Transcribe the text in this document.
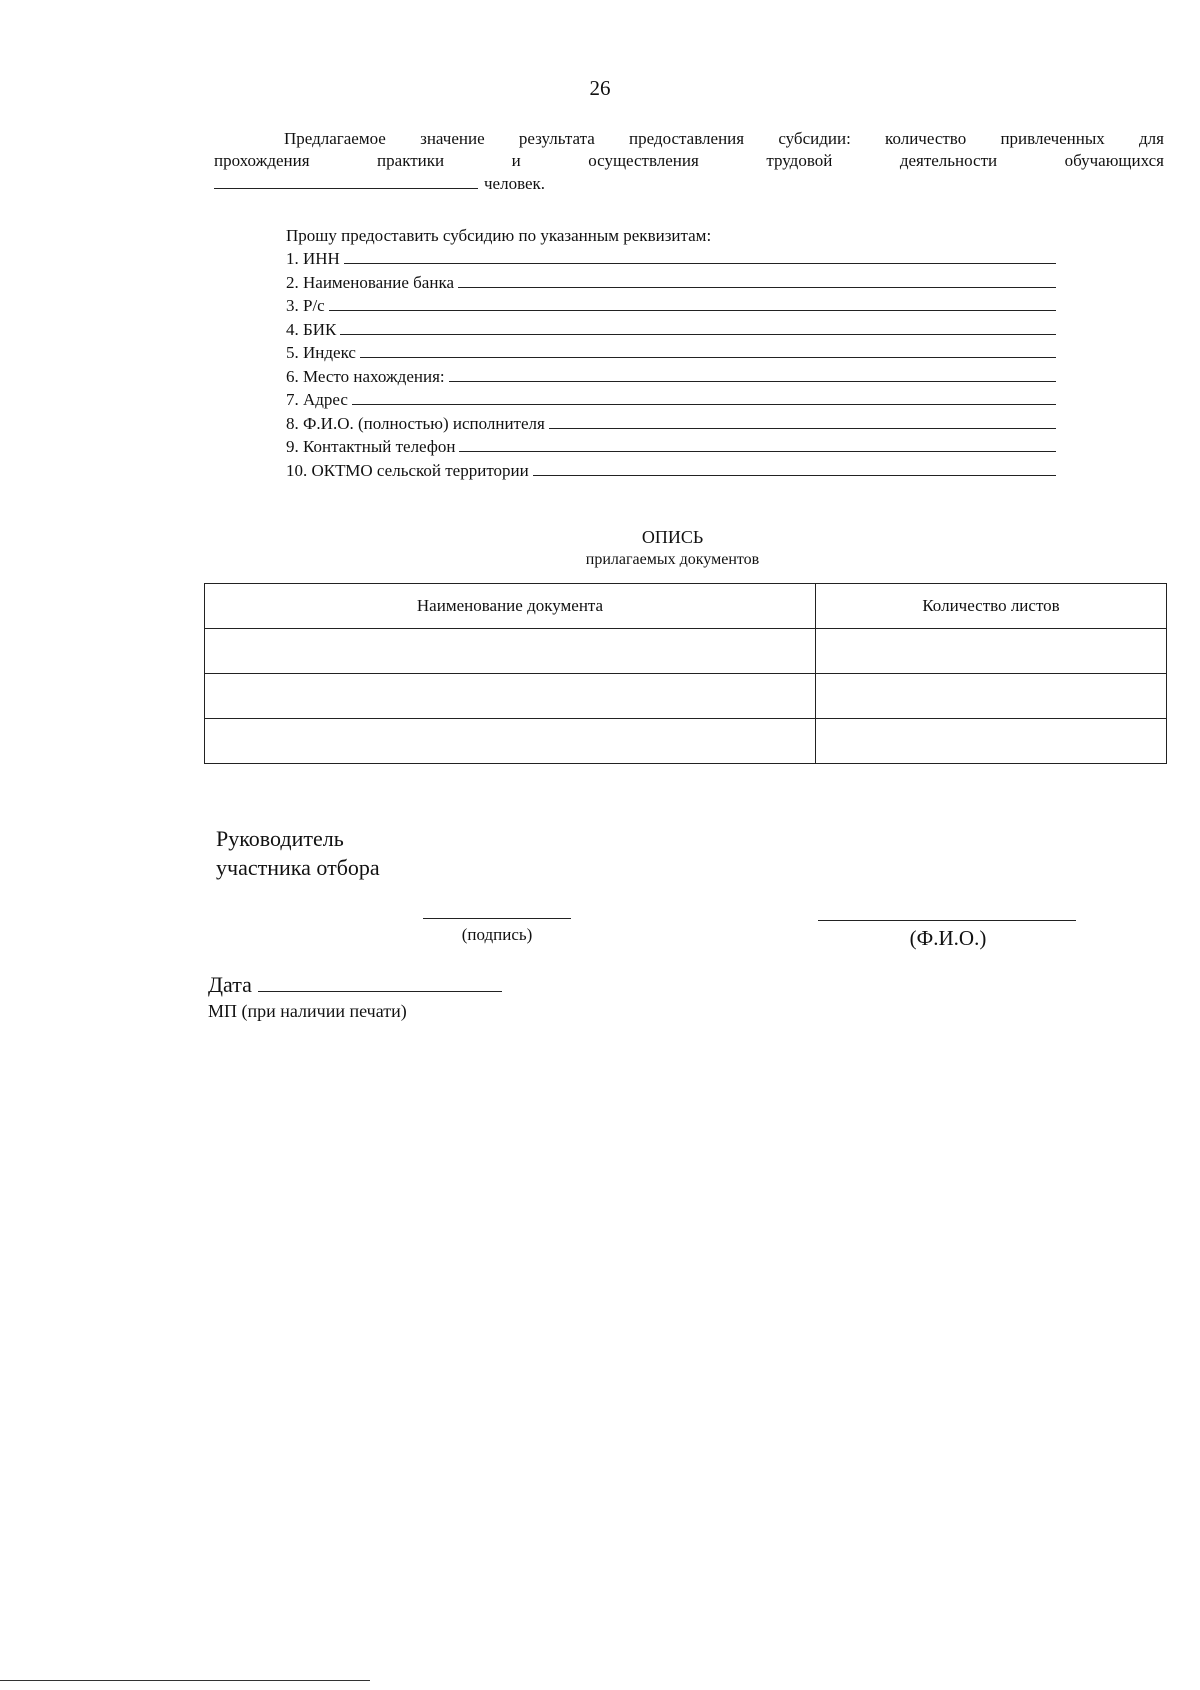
26
Предлагаемое значение результата предоставления субсидии: количество привлеченных для
прохождения практики и осуществления трудовой деятельности обучающихся
человек.
Прошу предоставить субсидию по указанным реквизитам:
1. ИНН
2. Наименование банка
3. Р/с
4. БИК
5. Индекс
6. Место нахождения:
7. Адрес
8. Ф.И.О. (полностью) исполнителя
9. Контактный телефон
10. ОКТМО сельской территории
ОПИСЬ
прилагаемых документов
Наименование документа	Количество листов

Руководитель
участника отбора
(подпись)	(Ф.И.О.)
Дата
МП (при наличии печати)
